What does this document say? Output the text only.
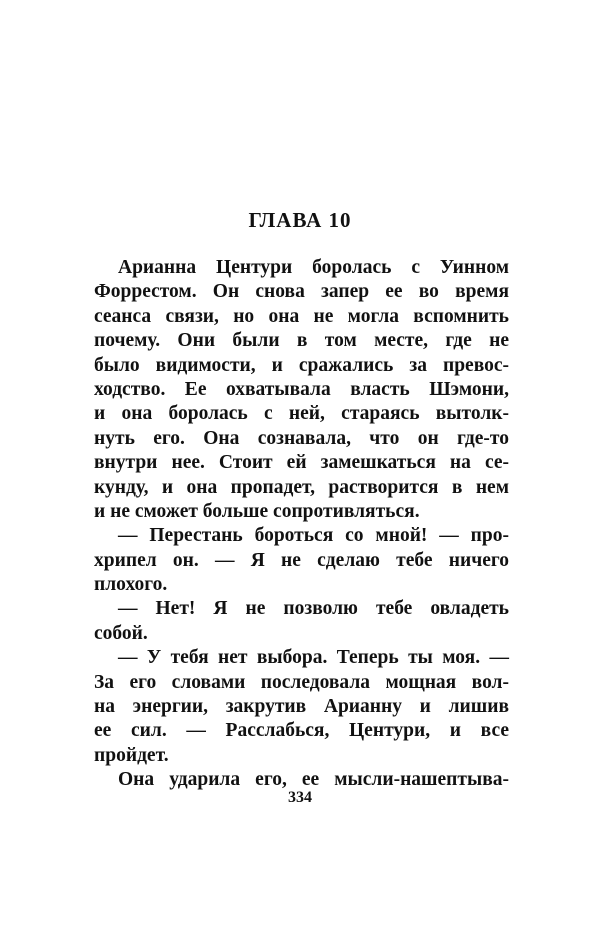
ГЛАВА 10

Арианна Центури боролась с Уинном
Форрестом. Он снова запер ее во время
сеанса связи, но она не могла вспомнить
почему. Они были в том месте, где не
было видимости, и сражались за превос-
ходство. Ее охватывала власть Шэмони,
и она боролась с ней, стараясь вытолк-
нуть его. Она сознавала, что он где-то
внутри нее. Стоит ей замешкаться на се-
кунду, и она пропадет, растворится в нем
и не сможет больше сопротивляться.

— Перестань бороться со мной! — про-
хрипел он. — Я не сделаю тебе ничего
плохого.

— Нет! Я не позволю тебе овладеть
собой.

— У тебя нет выбора. Теперь ты моя. —
За его словами последовала мощная вол-
на энергии, закрутив Арианну и лишив
ее сил. — Расслабься, Центури, и все
пройдет.

Она ударила его, ее мысли-нашептыва-

334
